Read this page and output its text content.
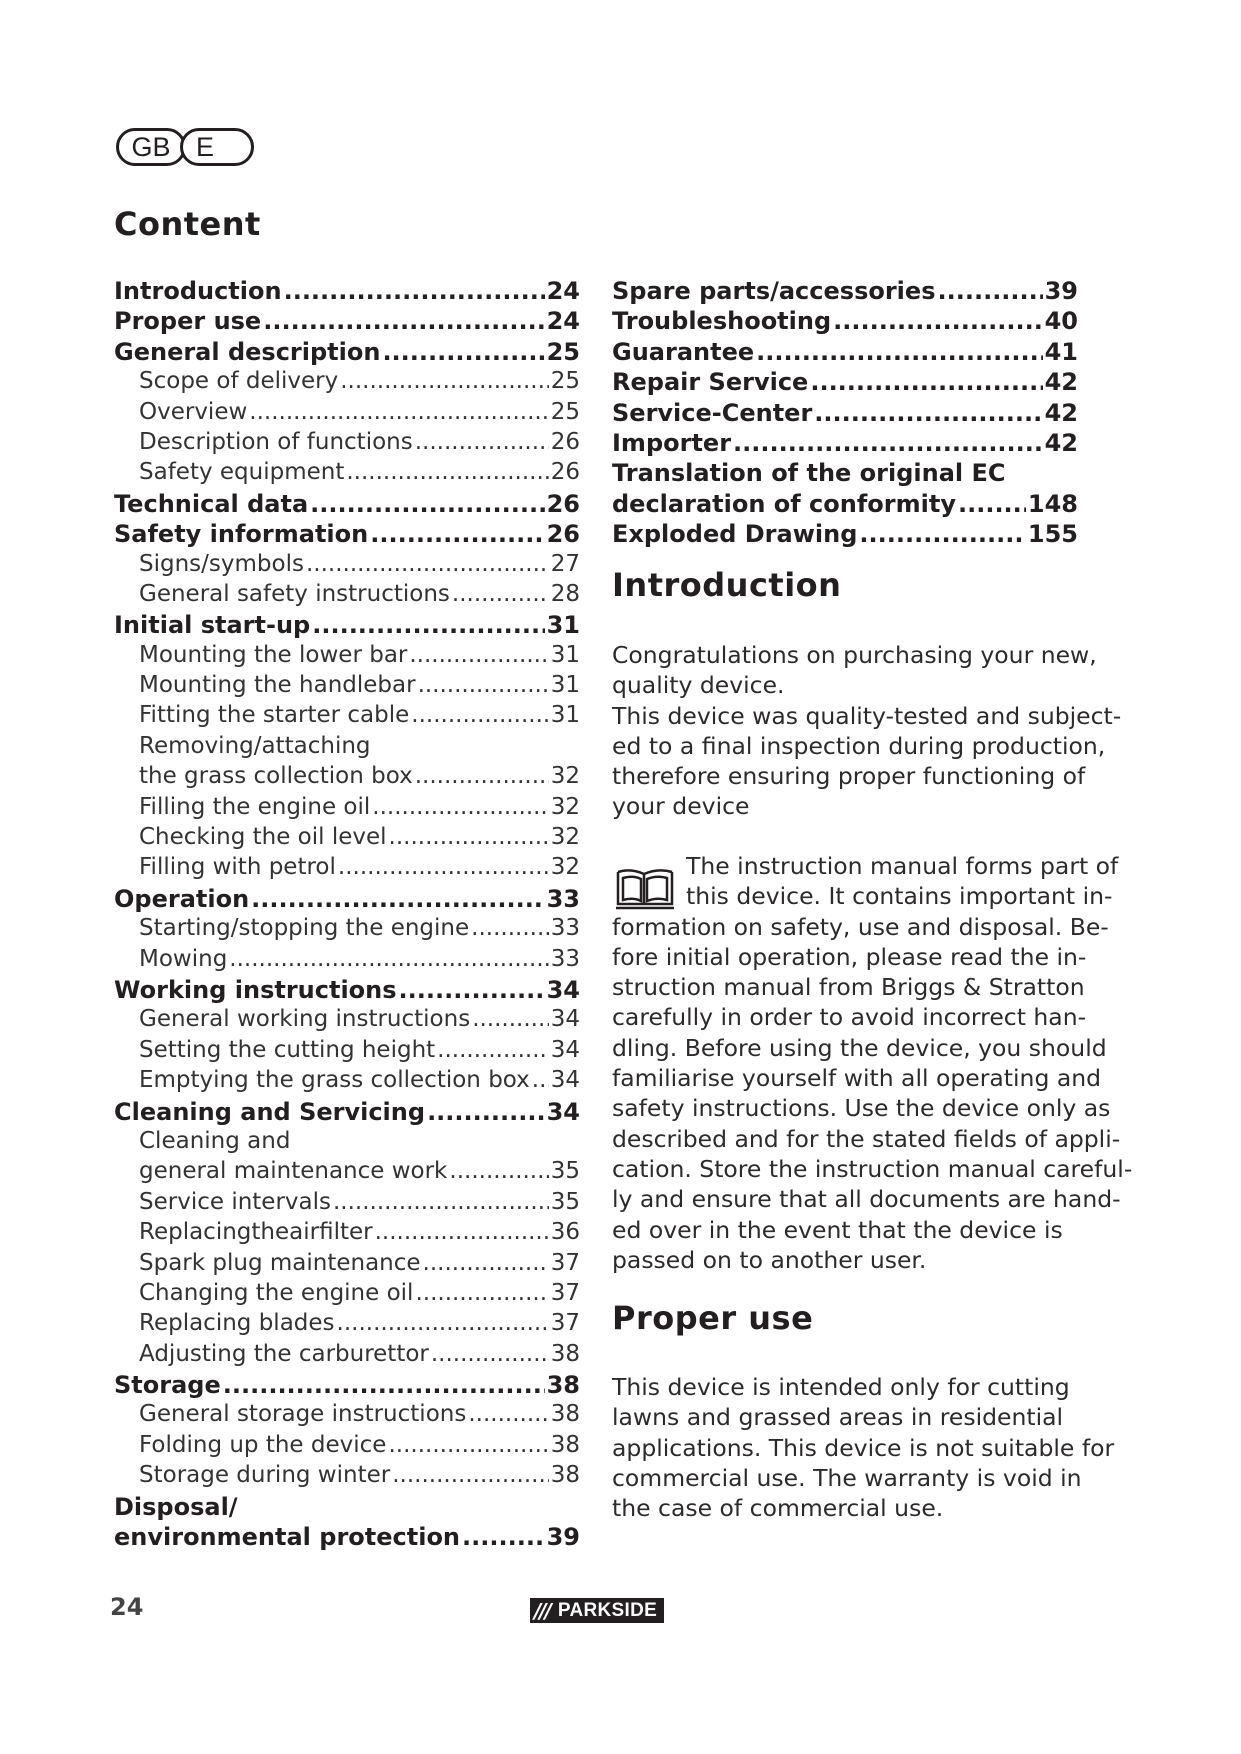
GB E
Content
Introduction .....	24
Proper use .....	24
General description .....	25
Scope of delivery .....	25
Overview .....	25
Description of functions .....	26
Safety equipment .....	26
Technical data .....	26
Safety information .....	26
Signs/symbols .....	27
General safety instructions .....	28
Initial start-up .....	31
Mounting the lower bar .....	31
Mounting the handlebar .....	31
Fitting the starter cable .....	31
Removing/attaching
the grass collection box .....	32
Filling the engine oil .....	32
Checking the oil level .....	32
Filling with petrol .....	32
Operation .....	33
Starting/stopping the engine .....	33
Mowing .....	33
Working instructions .....	34
General working instructions .....	34
Setting the cutting height .....	34
Emptying the grass collection box ..... 34
Cleaning and Servicing .....	34
Cleaning and
general maintenance work .....	35
Service intervals .....	35
Replacingtheairfilter .....	36
Spark plug maintenance .....	37
Changing the engine oil .....	37
Replacing blades .....	37
Adjusting the carburettor .....	38
Storage .....	38
General storage instructions .....	38
Folding up the device .....	38
Storage during winter .....	38
Disposal/
environmental protection .....	39
Spare parts/accessories .....	39
Troubleshooting .....	40
Guarantee .....	41
Repair Service .....	42
Service-Center .....	42
Importer .....	42
Translation of the original EC
declaration of conformity .....	148
Exploded Drawing .....	155
Introduction

Congratulations on purchasing your new,
quality device.
This device was quality-tested and subject-
ed to a final inspection during production,
therefore ensuring proper functioning of
your device

The instruction manual forms part of
this device. It contains important in-
formation on safety, use and disposal. Be-
fore initial operation, please read the in-
struction manual from Briggs & Stratton
carefully in order to avoid incorrect han-
dling. Before using the device, you should
familiarise yourself with all operating and
safety instructions. Use the device only as
described and for the stated fields of appli-
cation. Store the instruction manual careful-
ly and ensure that all documents are hand-
ed over in the event that the device is
passed on to another user.

Proper use

This device is intended only for cutting
lawns and grassed areas in residential
applications. This device is not suitable for
commercial use. The warranty is void in
the case of commercial use.

24	/// PARKSIDE
